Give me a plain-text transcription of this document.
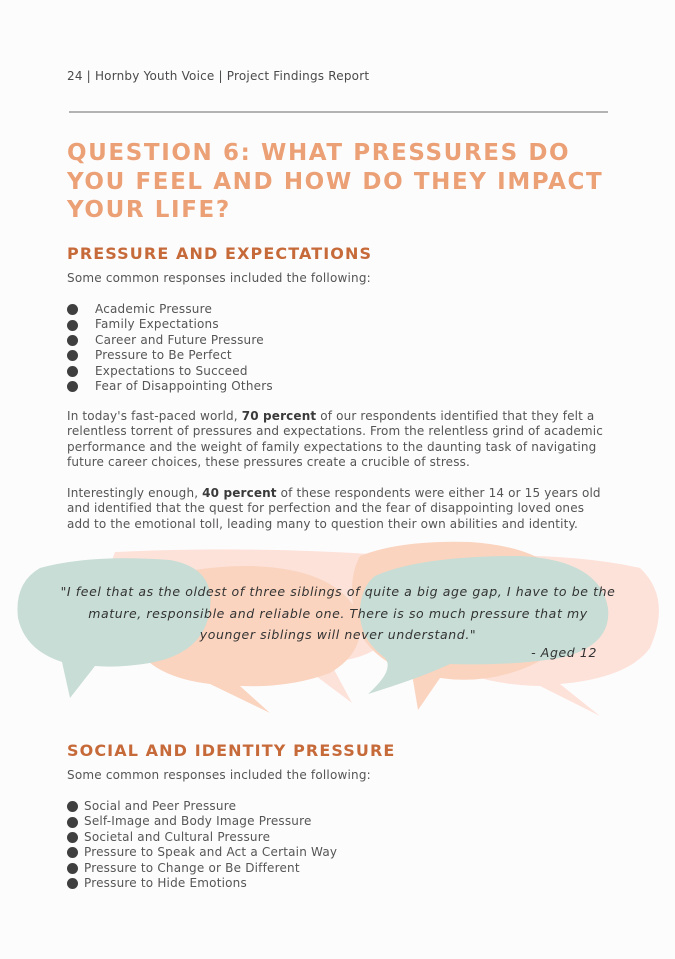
24 | Hornby Youth Voice | Project Findings Report
QUESTION 6: WHAT PRESSURES DO YOU FEEL AND HOW DO THEY IMPACT YOUR LIFE?
PRESSURE AND EXPECTATIONS
Some common responses included the following:
Academic Pressure
Family Expectations
Career and Future Pressure
Pressure to Be Perfect
Expectations to Succeed
Fear of Disappointing Others

In today's fast-paced world, 70 percent of our respondents identified that they felt a relentless torrent of pressures and expectations. From the relentless grind of academic performance and the weight of family expectations to the daunting task of navigating future career choices, these pressures create a crucible of stress.

Interestingly enough, 40 percent of these respondents were either 14 or 15 years old and identified that the quest for perfection and the fear of disappointing loved ones add to the emotional toll, leading many to question their own abilities and identity.

"I feel that as the oldest of three siblings of quite a big age gap, I have to be the mature, responsible and reliable one. There is so much pressure that my younger siblings will never understand."

- Aged 12
SOCIAL AND IDENTITY PRESSURE
Some common responses included the following:
Social and Peer Pressure
Self-Image and Body Image Pressure
Societal and Cultural Pressure
Pressure to Speak and Act a Certain Way
Pressure to Change or Be Different
Pressure to Hide Emotions
